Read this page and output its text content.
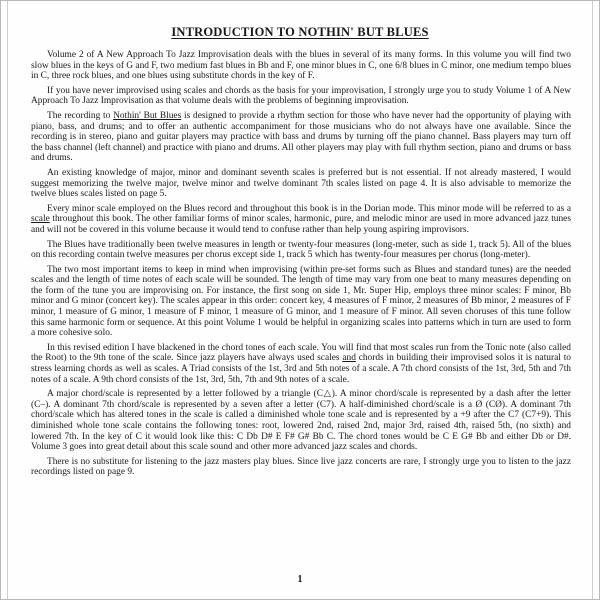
INTRODUCTION TO NOTHIN' BUT BLUES

Volume 2 of A New Approach To Jazz Improvisation deals with the blues in several of its many forms. In this volume you will find two slow blues in the keys of G and F, two medium fast blues in Bb and F, one minor blues in C, one 6/8 blues in C minor, one medium tempo blues in C, three rock blues, and one blues using substitute chords in the key of F.

If you have never improvised using scales and chords as the basis for your improvisation, I strongly urge you to study Volume 1 of A New Approach To Jazz Improvisation as that volume deals with the problems of beginning improvisation.

The recording to Nothin' But Blues is designed to provide a rhythm section for those who have never had the opportunity of playing with piano, bass, and drums; and to offer an authentic accompaniment for those musicians who do not always have one available. Since the recording is in stereo, piano and guitar players may practice with bass and drums by turning off the piano channel. Bass players may turn off the bass channel (left channel) and practice with piano and drums. All other players may play with full rhythm section, piano and drums or bass and drums.

An existing knowledge of major, minor and dominant seventh scales is preferred but is not essential. If not already mastered, I would suggest memorizing the twelve major, twelve minor and twelve dominant 7th scales listed on page 4. It is also advisable to memorize the twelve blues scales listed on page 5.

Every minor scale employed on the Blues record and throughout this book is in the Dorian mode. This minor mode will be referred to as a scale throughout this book. The other familiar forms of minor scales, harmonic, pure, and melodic minor are used in more advanced jazz tunes and will not be covered in this volume because it would tend to confuse rather than help young aspiring improvisors.

The Blues have traditionally been twelve measures in length or twenty-four measures (long-meter, such as side 1, track 5). All of the blues on this recording contain twelve measures per chorus except side 1, track 5 which has twenty-four measures per chorus (long-meter).

The two most important items to keep in mind when improvising (within pre-set forms such as Blues and standard tunes) are the needed scales and the length of time notes of each scale will be sounded. The length of time may vary from one beat to many measures depending on the form of the tune you are improvising on. For instance, the first song on side 1, Mr. Super Hip, employs three minor scales: F minor, Bb minor and G minor (concert key). The scales appear in this order: concert key, 4 measures of F minor, 2 measures of Bb minor, 2 measures of F minor, 1 measure of G minor, 1 measure of F minor, 1 measure of G minor, and 1 measure of F minor. All seven choruses of this tune follow this same harmonic form or sequence. At this point Volume 1 would be helpful in organizing scales into patterns which in turn are used to form a more cohesive solo.

In this revised edition I have blackened in the chord tones of each scale. You will find that most scales run from the Tonic note (also called the Root) to the 9th tone of the scale. Since jazz players have always used scales and chords in building their improvised solos it is natural to stress learning chords as well as scales. A Triad consists of the 1st, 3rd and 5th notes of a scale. A 7th chord consists of the 1st, 3rd, 5th and 7th notes of a scale. A 9th chord consists of the 1st, 3rd, 5th, 7th and 9th notes of a scale.

A major chord/scale is represented by a letter followed by a triangle (C△). A minor chord/scale is represented by a dash after the letter (C–). A dominant 7th chord/scale is represented by a seven after a letter (C7). A half-diminished chord/scale is a Ø (CØ). A dominant 7th chord/scale which has altered tones in the scale is called a diminished whole tone scale and is represented by a +9 after the C7 (C7+9). This diminished whole tone scale contains the following tones: root, lowered 2nd, raised 2nd, major 3rd, raised 4th, raised 5th, (no sixth) and lowered 7th. In the key of C it would look like this: C Db D# E F# G# Bb C. The chord tones would be C E G# Bb and either Db or D#. Volume 3 goes into great detail about this scale sound and other more advanced jazz scales and chords.

There is no substitute for listening to the jazz masters play blues. Since live jazz concerts are rare, I strongly urge you to listen to the jazz recordings listed on page 9.

1
